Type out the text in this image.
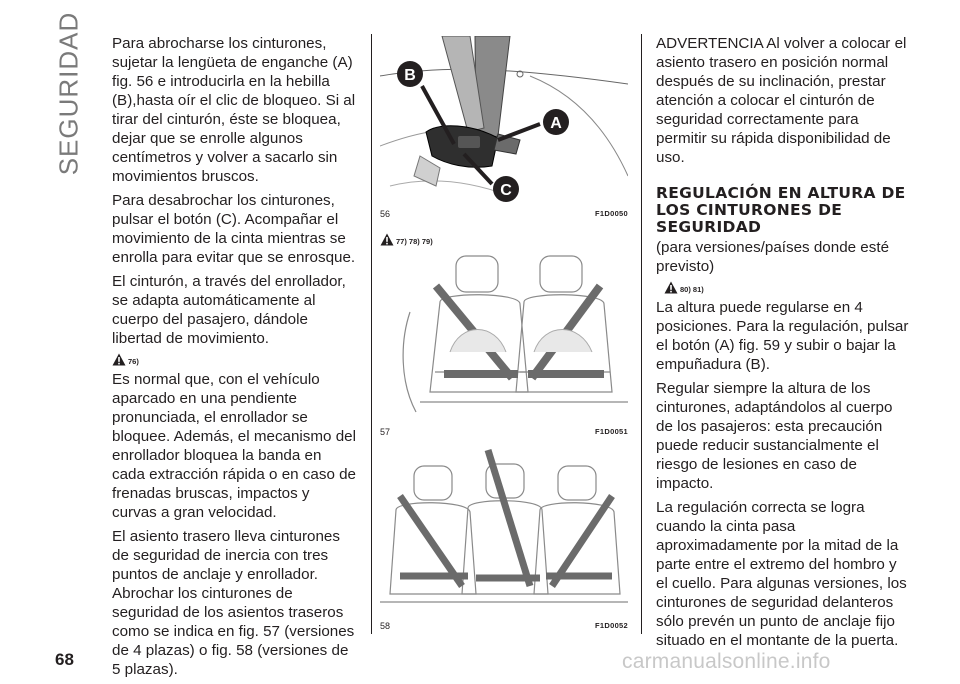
SEGURIDAD Para abrocharse los cinturones, sujetar la lengüeta de enganche (A) fig. 56 e introducirla en la hebilla (B),hasta oír el clic de bloqueo. Si al tirar del cinturón, éste se bloquea, dejar que se enrolle algunos centímetros y volver a sacarlo sin movimientos bruscos.

Para desabrochar los cinturones, pulsar el botón (C). Acompañar el movimiento de la cinta mientras se enrolla para evitar que se enrosque.

El cinturón, a través del enrollador, se adapta automáticamente al cuerpo del pasajero, dándole libertad de movimiento.

76)

Es normal que, con el vehículo aparcado en una pendiente pronunciada, el enrollador se bloquee. Además, el mecanismo del enrollador bloquea la banda en cada extracción rápida o en caso de frenadas bruscas, impactos y curvas a gran velocidad.

El asiento trasero lleva cinturones de seguridad de inercia con tres puntos de anclaje y enrollador. Abrochar los cinturones de seguridad de los asientos traseros como se indica en fig. 57 (versiones de 4 plazas) o fig. 58 (versiones de 5 plazas).

B
A
C
56	F1D0050
77) 78) 79)
57	F1D0051
58	F1D0052

ADVERTENCIA Al volver a colocar el asiento trasero en posición normal después de su inclinación, prestar atención a colocar el cinturón de seguridad correctamente para permitir su rápida disponibilidad de uso.

REGULACIÓN EN ALTURA DE LOS CINTURONES DE SEGURIDAD

(para versiones/países donde esté previsto)

80) 81)

La altura puede regularse en 4 posiciones. Para la regulación, pulsar el botón (A) fig. 59 y subir o bajar la empuñadura (B).

Regular siempre la altura de los cinturones, adaptándolos al cuerpo de los pasajeros: esta precaución puede reducir sustancialmente el riesgo de lesiones en caso de impacto.

La regulación correcta se logra cuando la cinta pasa aproximadamente por la mitad de la parte entre el extremo del hombro y el cuello. Para algunas versiones, los cinturones de seguridad delanteros sólo prevén un punto de anclaje fijo situado en el montante de la puerta.

68	carmanualsonline.info
